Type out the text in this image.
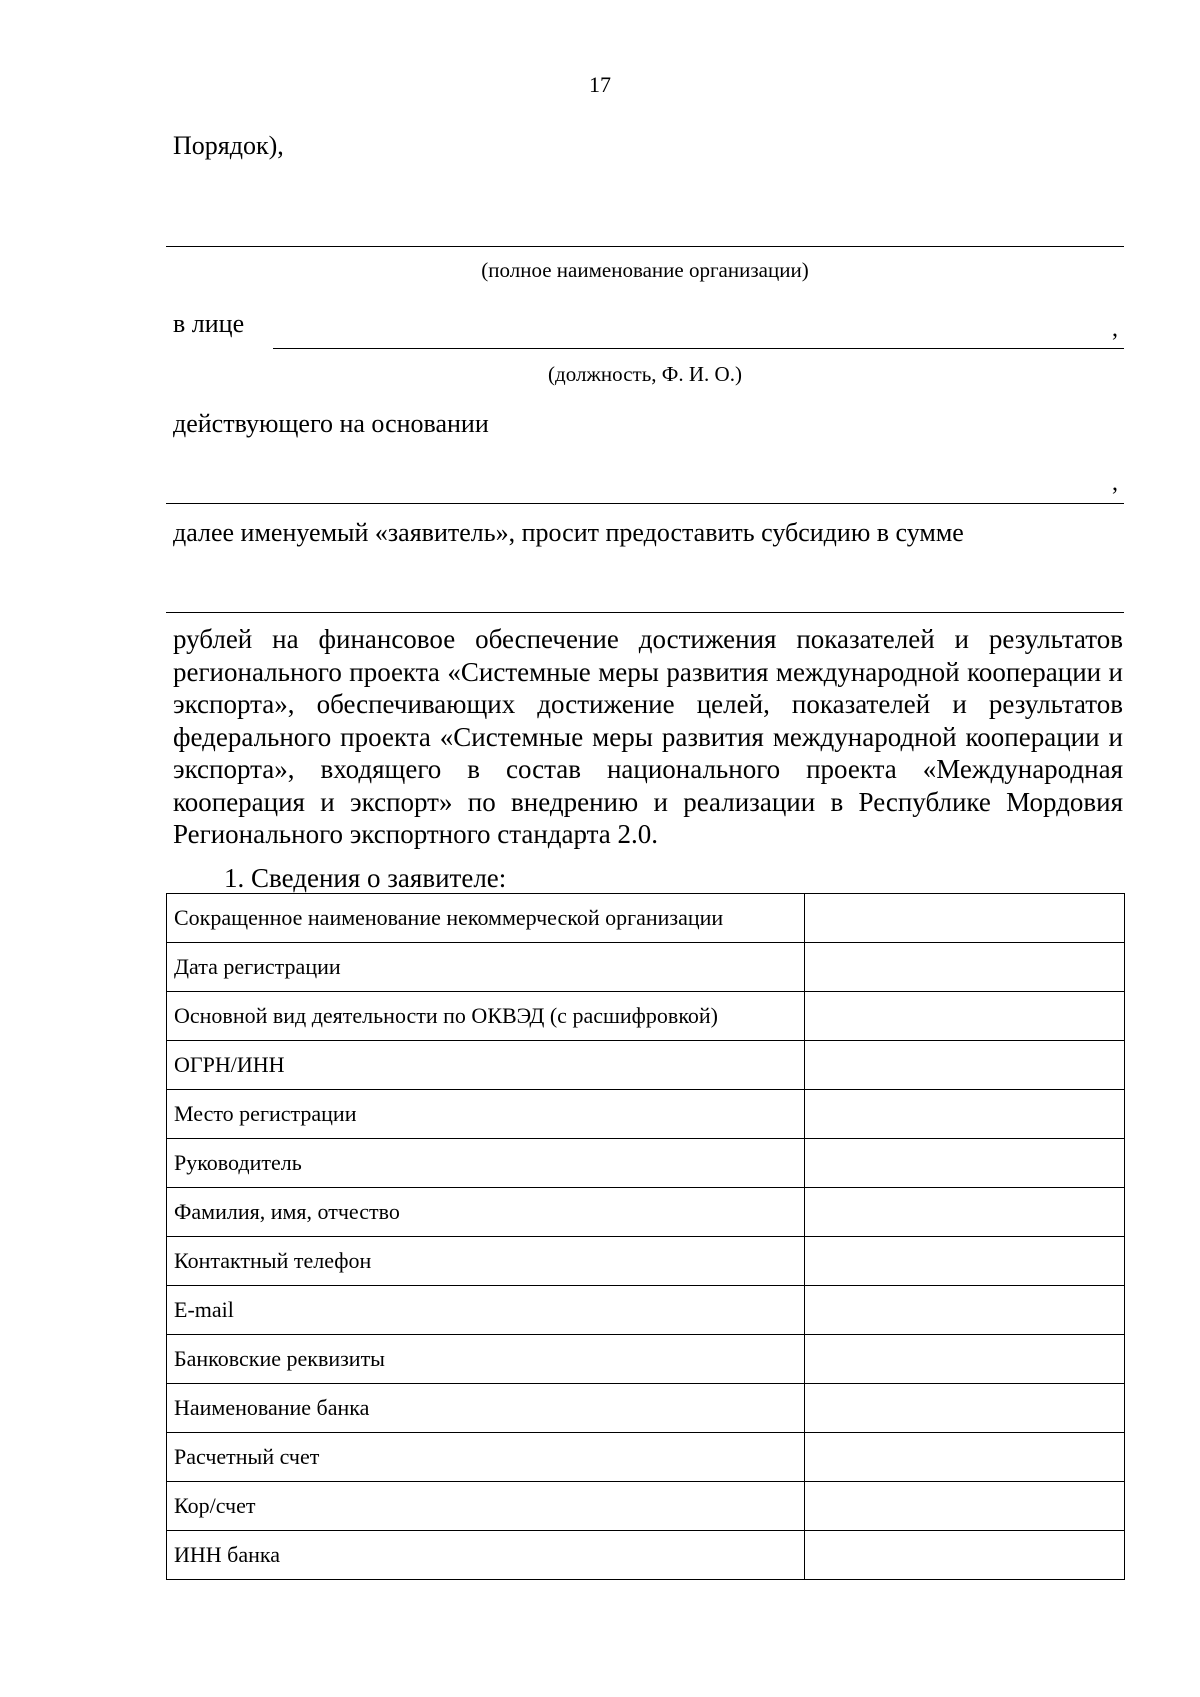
17
Порядок),
(полное наименование организации)
в лице	,
(должность, Ф. И. О.)
действующего на основании
,
далее именуемый «заявитель», просит предоставить субсидию в сумме
рублей на финансовое обеспечение достижения показателей и результатов регионального проекта «Системные меры развития международной кооперации и экспорта», обеспечивающих достижение целей, показателей и результатов федерального проекта «Системные меры развития международной кооперации и экспорта», входящего в состав национального проекта «Международная кооперация и экспорт» по внедрению и реализации в Республике Мордовия Регионального экспортного стандарта 2.0.
1. Сведения о заявителе:
Сокращенное наименование некоммерческой организации	
Дата регистрации	
Основной вид деятельности по ОКВЭД (с расшифровкой)	
ОГРН/ИНН	
Место регистрации	
Руководитель	
Фамилия, имя, отчество	
Контактный телефон	
E-mail	
Банковские реквизиты	
Наименование банка	
Расчетный счет	
Кор/счет	
ИНН банка	
